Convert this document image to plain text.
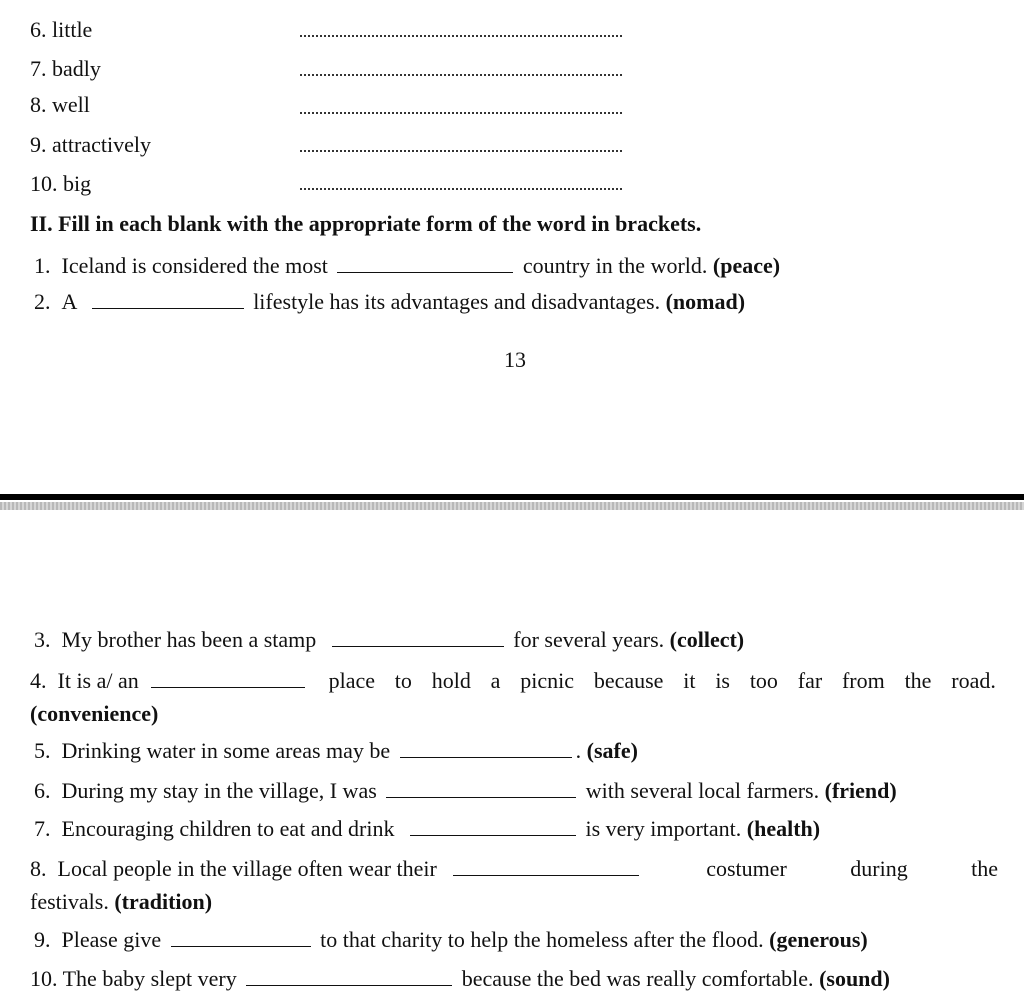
6. little
7. badly
8. well
9. attractively
10. big
II. Fill in each blank with the appropriate form of the word in brackets.
1. Iceland is considered the most	country in the world. (peace)
2. A	lifestyle has its advantages and disadvantages. (nomad)
13
3. My brother has been a stamp	for several years. (collect)
4. It is a/ an	place to hold a picnic because it is too far from the road.
(convenience)
5. Drinking water in some areas may be	. (safe)
6. During my stay in the village, I was	with several local farmers. (friend)
7. Encouraging children to eat and drink	is very important. (health)
8. Local people in the village often wear their	costumer	during	the
festivals. (tradition)
9. Please give	to that charity to help the homeless after the flood. (generous)
10. The baby slept very	because the bed was really comfortable. (sound)
